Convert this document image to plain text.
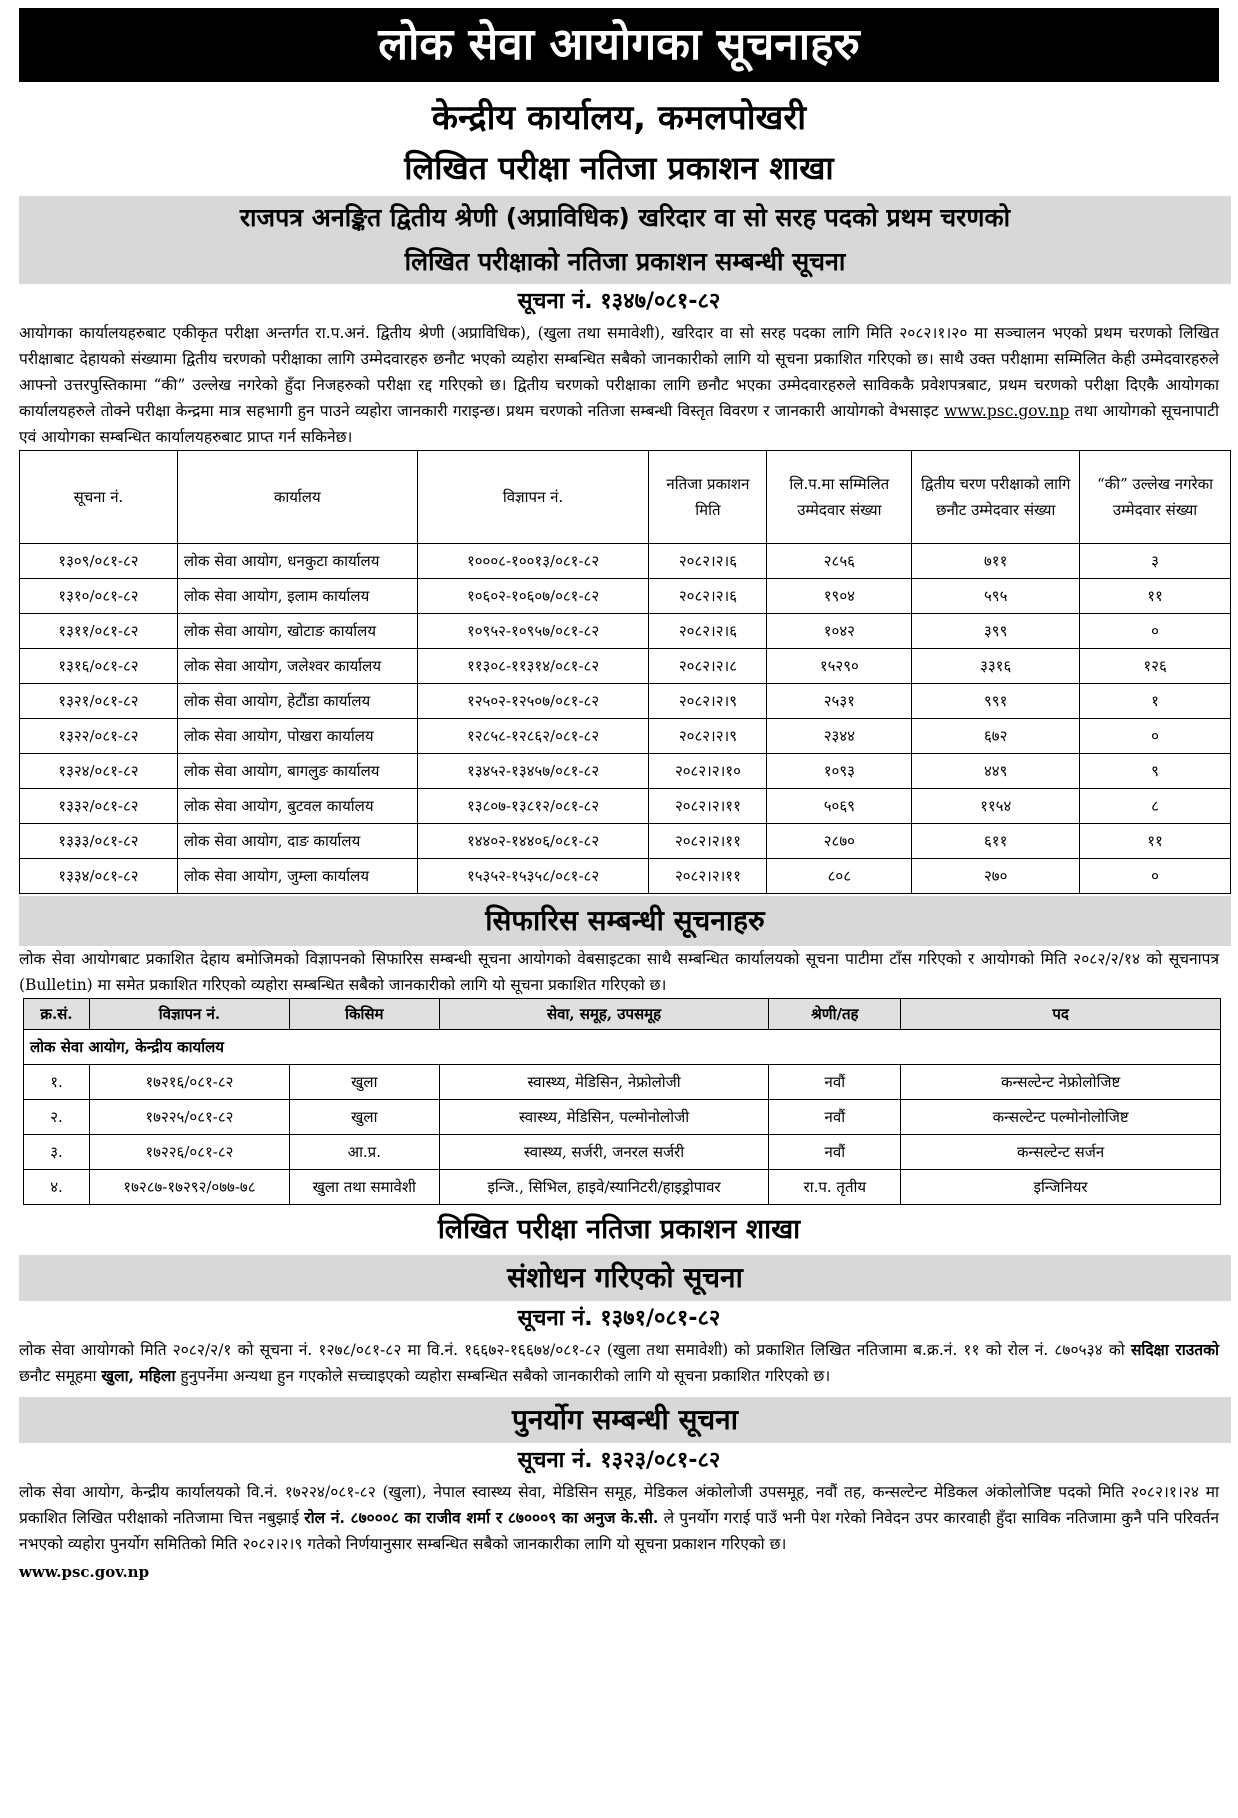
लोक सेवा आयोगका सूचनाहरु
केन्द्रीय कार्यालय, कमलपोखरी
लिखित परीक्षा नतिजा प्रकाशन शाखा
राजपत्र अनङ्कित द्वितीय श्रेणी (अप्राविधिक) खरिदार वा सो सरह पदको प्रथम चरणको
लिखित परीक्षाको नतिजा प्रकाशन सम्बन्धी सूचना
सूचना नं. १३४७/०८१-८२
आयोगका कार्यालयहरुबाट एकीकृत परीक्षा अन्तर्गत रा.प.अनं. द्वितीय श्रेणी (अप्राविधिक), (खुला तथा समावेशी), खरिदार वा सो सरह पदका लागि मिति २०८२।१।२० मा सञ्चालन भएको प्रथम चरणको लिखित परीक्षाबाट देहायको संख्यामा द्वितीय चरणको परीक्षाका लागि उम्मेदवारहरु छनौट भएको व्यहोरा सम्बन्धित सबैको जानकारीको लागि यो सूचना प्रकाशित गरिएको छ। साथै उक्त परीक्षामा सम्मिलित केही उम्मेदवारहरुले आफ्नो उत्तरपुस्तिकामा “की” उल्लेख नगरेको हुँदा निजहरुको परीक्षा रद्द गरिएको छ। द्वितीय चरणको परीक्षाका लागि छनौट भएका उम्मेदवारहरुले साविककै प्रवेशपत्रबाट, प्रथम चरणको परीक्षा दिएकै आयोगका कार्यालयहरुले तोक्ने परीक्षा केन्द्रमा मात्र सहभागी हुन पाउने व्यहोरा जानकारी गराइन्छ। प्रथम चरणको नतिजा सम्बन्धी विस्तृत विवरण र जानकारी आयोगको वेभसाइट www.psc.gov.np तथा आयोगको सूचनापाटी एवं आयोगका सम्बन्धित कार्यालयहरुबाट प्राप्त गर्न सकिनेछ।
सूचना नं.	कार्यालय	विज्ञापन नं.	नतिजा प्रकाशन मिति	लि.प.मा सम्मिलित उम्मेदवार संख्या	द्वितीय चरण परीक्षाको लागि छनौट उम्मेदवार संख्या	“की” उल्लेख नगरेका उम्मेदवार संख्या
१३०९/०८१-८२	लोक सेवा आयोग, धनकुटा कार्यालय	१०००८-१००१३/०८१-८२	२०८२।२।६	२८५६	७११	३
१३१०/०८१-८२	लोक सेवा आयोग, इलाम कार्यालय	१०६०२-१०६०७/०८१-८२	२०८२।२।६	१९०४	५९५	११
१३११/०८१-८२	लोक सेवा आयोग, खोटाङ कार्यालय	१०९५२-१०९५७/०८१-८२	२०८२।२।६	१०४२	३९९	०
१३१६/०८१-८२	लोक सेवा आयोग, जलेश्वर कार्यालय	११३०८-११३१४/०८१-८२	२०८२।२।८	१५२९०	३३१६	१२६
१३२१/०८१-८२	लोक सेवा आयोग, हेटौंडा कार्यालय	१२५०२-१२५०७/०८१-८२	२०८२।२।९	२५३१	९९१	१
१३२२/०८१-८२	लोक सेवा आयोग, पोखरा कार्यालय	१२८५८-१२८६२/०८१-८२	२०८२।२।९	२३४४	६७२	०
१३२४/०८१-८२	लोक सेवा आयोग, बागलुङ कार्यालय	१३४५२-१३४५७/०८१-८२	२०८२।२।१०	१०९३	४४९	९
१३३२/०८१-८२	लोक सेवा आयोग, बुटवल कार्यालय	१३८०७-१३८१२/०८१-८२	२०८२।२।११	५०६९	११५४	८
१३३३/०८१-८२	लोक सेवा आयोग, दाङ कार्यालय	१४४०२-१४४०६/०८१-८२	२०८२।२।११	२८७०	६११	११
१३३४/०८१-८२	लोक सेवा आयोग, जुम्ला कार्यालय	१५३५२-१५३५८/०८१-८२	२०८२।२।११	८०८	२७०	०
सिफारिस सम्बन्धी सूचनाहरु
लोक सेवा आयोगबाट प्रकाशित देहाय बमोजिमको विज्ञापनको सिफारिस सम्बन्धी सूचना आयोगको वेबसाइटका साथै सम्बन्धित कार्यालयको सूचना पाटीमा टाँस गरिएको र आयोगको मिति २०८२/२/१४ को सूचनापत्र (Bulletin) मा समेत प्रकाशित गरिएको व्यहोरा सम्बन्धित सबैको जानकारीको लागि यो सूचना प्रकाशित गरिएको छ।
क्र.सं.	विज्ञापन नं.	किसिम	सेवा, समूह, उपसमूह	श्रेणी/तह	पद
लोक सेवा आयोग, केन्द्रीय कार्यालय					
१.	१७२१६/०८१-८२	खुला	स्वास्थ्य, मेडिसिन, नेफ्रोलोजी	नवौं	कन्सल्टेन्ट नेफ्रोलोजिष्ट
२.	१७२२५/०८१-८२	खुला	स्वास्थ्य, मेडिसिन, पल्मोनोलोजी	नवौं	कन्सल्टेन्ट पल्मोनोलोजिष्ट
३.	१७२२६/०८१-८२	आ.प्र.	स्वास्थ्य, सर्जरी, जनरल सर्जरी	नवौं	कन्सल्टेन्ट सर्जन
४.	१७२८७-१७२९२/०७७-७८	खुला तथा समावेशी	इन्जि., सिभिल, हाइवे/स्यानिटरी/हाइड्रोपावर	रा.प. तृतीय	इन्जिनियर
लिखित परीक्षा नतिजा प्रकाशन शाखा
संशोधन गरिएको सूचना
सूचना नं. १३७१/०८१-८२
लोक सेवा आयोगको मिति २०८२/२/१ को सूचना नं. १२७८/०८१-८२ मा वि.नं. १६६७२-१६६७४/०८१-८२ (खुला तथा समावेशी) को प्रकाशित लिखित नतिजामा ब.क्र.नं. ११ को रोल नं. ८७०५३४ को सदिक्षा राउतको छनौट समूहमा खुला, महिला हुनुपर्नेमा अन्यथा हुन गएकोले सच्चाइएको व्यहोरा सम्बन्धित सबैको जानकारीको लागि यो सूचना प्रकाशित गरिएको छ।
पुनर्योग सम्बन्धी सूचना
सूचना नं. १३२३/०८१-८२
लोक सेवा आयोग, केन्द्रीय कार्यालयको वि.नं. १७२२४/०८१-८२ (खुला), नेपाल स्वास्थ्य सेवा, मेडिसिन समूह, मेडिकल अंकोलोजी उपसमूह, नवौं तह, कन्सल्टेन्ट मेडिकल अंकोलोजिष्ट पदको मिति २०८२।१।२४ मा प्रकाशित लिखित परीक्षाको नतिजामा चित्त नबुझाई रोल नं. ८७०००८ का राजीव शर्मा र ८७०००९ का अनुज के.सी. ले पुनर्योग गराई पाउँ भनी पेश गरेको निवेदन उपर कारवाही हुँदा साविक नतिजामा कुनै पनि परिवर्तन नभएको व्यहोरा पुनर्योग समितिको मिति २०८२।२।९ गतेको निर्णयानुसार सम्बन्धित सबैको जानकारीका लागि यो सूचना प्रकाशन गरिएको छ।
www.psc.gov.np
